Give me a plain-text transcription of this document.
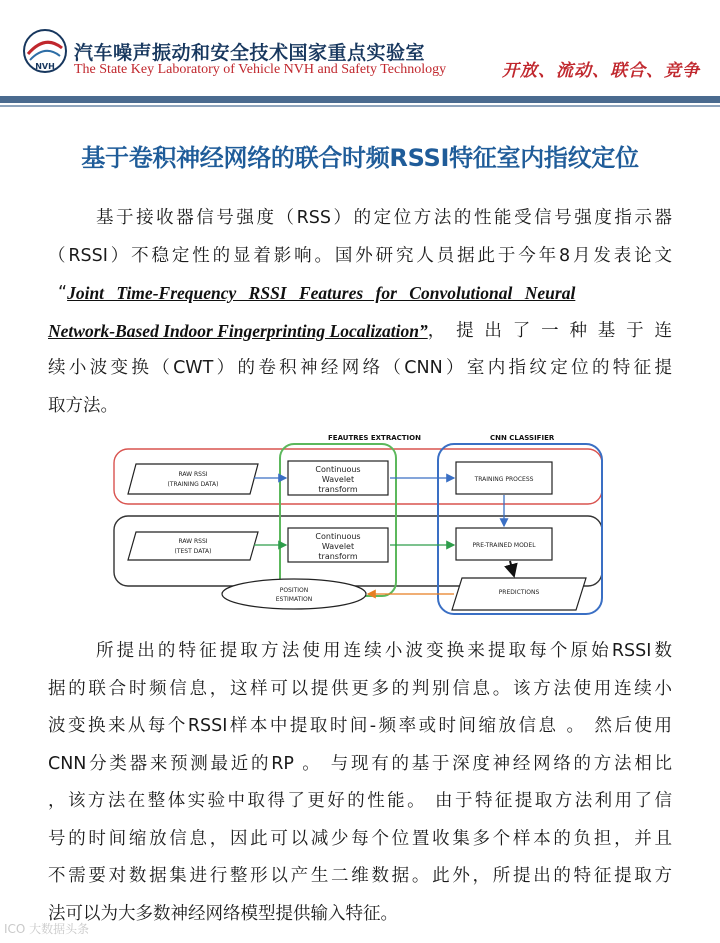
NVH
汽车噪声振动和安全技术国家重点实验室
The State Key Laboratory of Vehicle NVH and Safety Technology	开放、流动、联合、竞争
基于卷积神经网络的联合时频RSSI特征室内指纹定位
基于接收器信号强度（RSS）的定位方法的性能受信号强度指示器
（RSSI）不稳定性的显着影响。国外研究人员据此于今年8月发表论文
“ Joint Time-Frequency RSSI Features for Convolutional Neural
Network-Based Indoor Fingerprinting Localization ” ，提出了一种基于连
续小波变换（CWT）的卷积神经网络（CNN）室内指纹定位的特征提
取方法。
FEAUTRES EXTRACTION	CNN CLASSIFIER
RAW RSSI
(TRAINING DATA)
RAW RSSI
(TEST DATA)
Continuous
Wavelet
transform
Continuous
Wavelet
transform
TRAINING PROCESS
PRE-TRAINED MODEL
PREDICTIONS
POSITION
ESTIMATION
所提出的特征提取方法使用连续小波变换来提取每个原始RSSI数
据的联合时频信息，这样可以提供更多的判别信息。该方法使用连续小
波变换来从每个RSSI样本中提取时间-频率或时间缩放信息 。 然后使用
CNN分类器来预测最近的RP 。 与现有的基于深度神经网络的方法相比
，该方法在整体实验中取得了更好的性能。 由于特征提取方法利用了信
号的时间缩放信息，因此可以减少每个位置收集多个样本的负担，并且
不需要对数据集进行整形以产生二维数据。此外，所提出的特征提取方
法可以为大多数神经网络模型提供输入特征。
ICO 大数据头条
